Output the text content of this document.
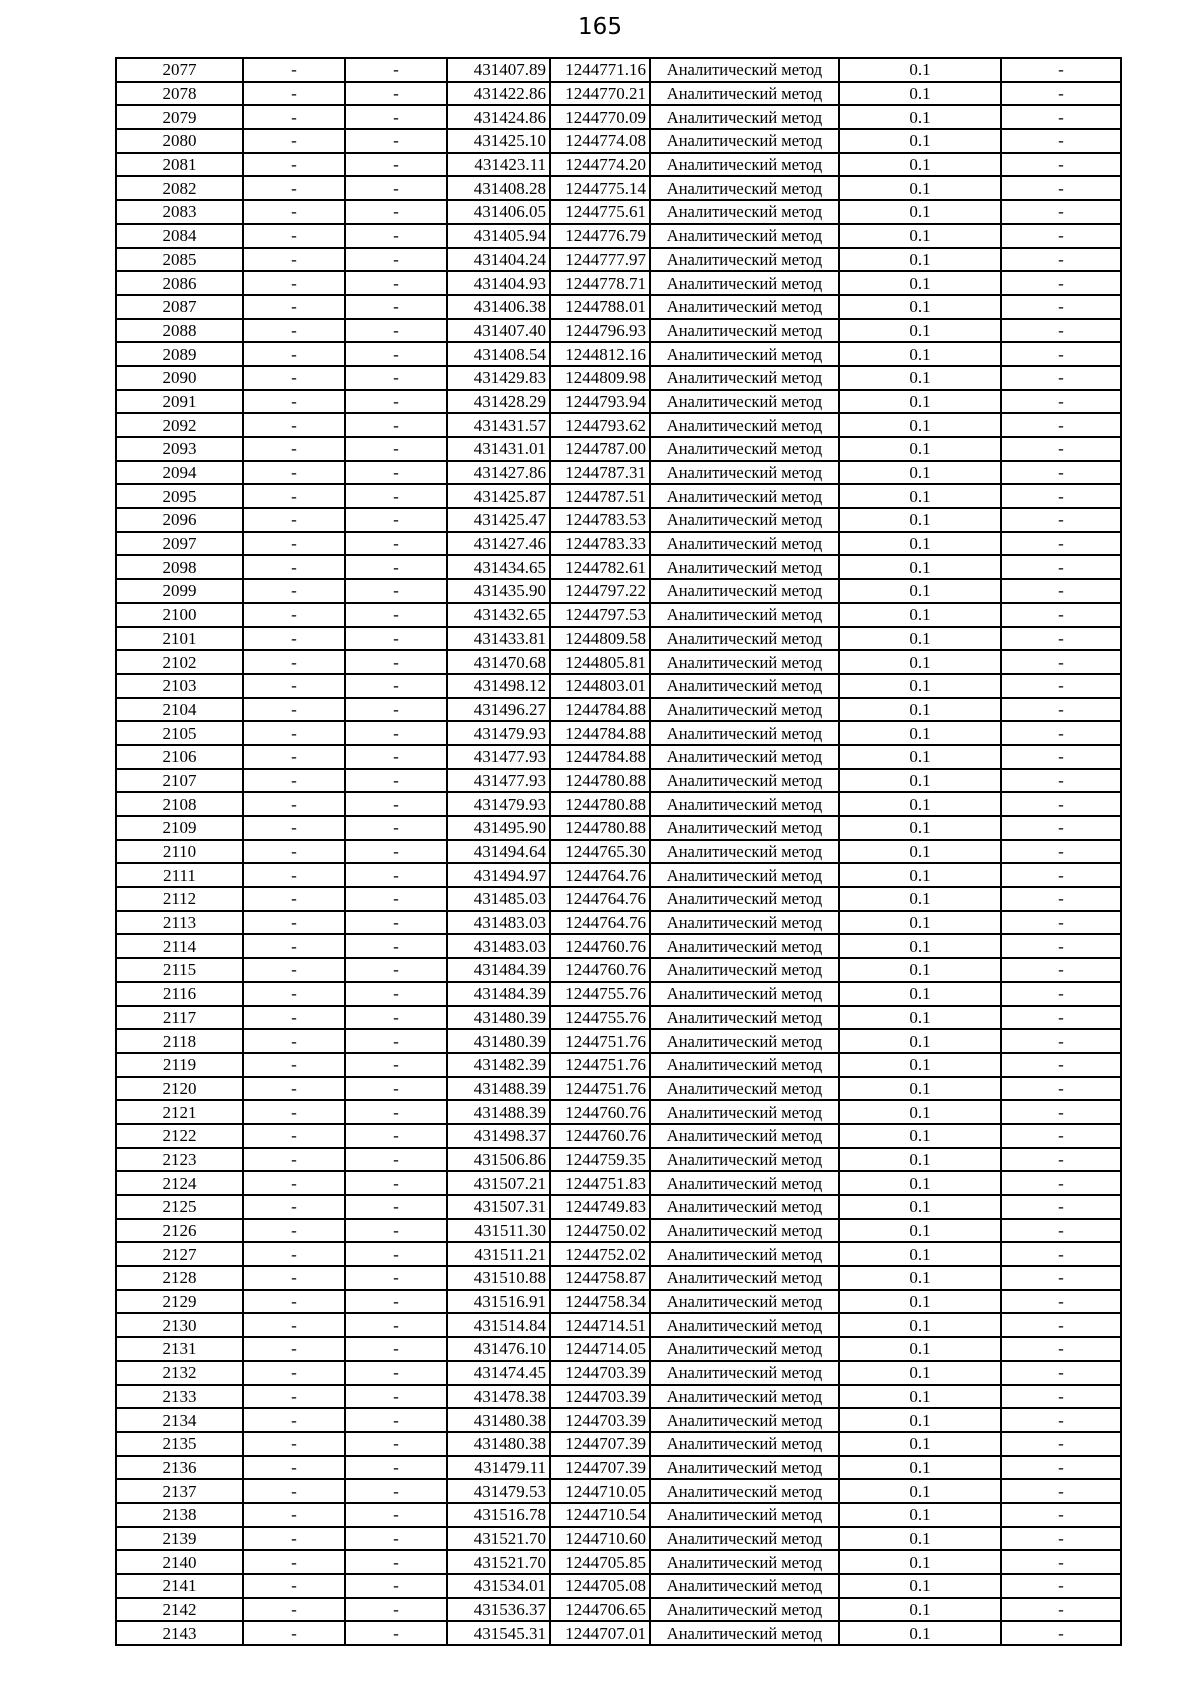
165
2077	-	-	431407.89	1244771.16	Аналитический метод	0.1	-
2078	-	-	431422.86	1244770.21	Аналитический метод	0.1	-
2079	-	-	431424.86	1244770.09	Аналитический метод	0.1	-
2080	-	-	431425.10	1244774.08	Аналитический метод	0.1	-
2081	-	-	431423.11	1244774.20	Аналитический метод	0.1	-
2082	-	-	431408.28	1244775.14	Аналитический метод	0.1	-
2083	-	-	431406.05	1244775.61	Аналитический метод	0.1	-
2084	-	-	431405.94	1244776.79	Аналитический метод	0.1	-
2085	-	-	431404.24	1244777.97	Аналитический метод	0.1	-
2086	-	-	431404.93	1244778.71	Аналитический метод	0.1	-
2087	-	-	431406.38	1244788.01	Аналитический метод	0.1	-
2088	-	-	431407.40	1244796.93	Аналитический метод	0.1	-
2089	-	-	431408.54	1244812.16	Аналитический метод	0.1	-
2090	-	-	431429.83	1244809.98	Аналитический метод	0.1	-
2091	-	-	431428.29	1244793.94	Аналитический метод	0.1	-
2092	-	-	431431.57	1244793.62	Аналитический метод	0.1	-
2093	-	-	431431.01	1244787.00	Аналитический метод	0.1	-
2094	-	-	431427.86	1244787.31	Аналитический метод	0.1	-
2095	-	-	431425.87	1244787.51	Аналитический метод	0.1	-
2096	-	-	431425.47	1244783.53	Аналитический метод	0.1	-
2097	-	-	431427.46	1244783.33	Аналитический метод	0.1	-
2098	-	-	431434.65	1244782.61	Аналитический метод	0.1	-
2099	-	-	431435.90	1244797.22	Аналитический метод	0.1	-
2100	-	-	431432.65	1244797.53	Аналитический метод	0.1	-
2101	-	-	431433.81	1244809.58	Аналитический метод	0.1	-
2102	-	-	431470.68	1244805.81	Аналитический метод	0.1	-
2103	-	-	431498.12	1244803.01	Аналитический метод	0.1	-
2104	-	-	431496.27	1244784.88	Аналитический метод	0.1	-
2105	-	-	431479.93	1244784.88	Аналитический метод	0.1	-
2106	-	-	431477.93	1244784.88	Аналитический метод	0.1	-
2107	-	-	431477.93	1244780.88	Аналитический метод	0.1	-
2108	-	-	431479.93	1244780.88	Аналитический метод	0.1	-
2109	-	-	431495.90	1244780.88	Аналитический метод	0.1	-
2110	-	-	431494.64	1244765.30	Аналитический метод	0.1	-
2111	-	-	431494.97	1244764.76	Аналитический метод	0.1	-
2112	-	-	431485.03	1244764.76	Аналитический метод	0.1	-
2113	-	-	431483.03	1244764.76	Аналитический метод	0.1	-
2114	-	-	431483.03	1244760.76	Аналитический метод	0.1	-
2115	-	-	431484.39	1244760.76	Аналитический метод	0.1	-
2116	-	-	431484.39	1244755.76	Аналитический метод	0.1	-
2117	-	-	431480.39	1244755.76	Аналитический метод	0.1	-
2118	-	-	431480.39	1244751.76	Аналитический метод	0.1	-
2119	-	-	431482.39	1244751.76	Аналитический метод	0.1	-
2120	-	-	431488.39	1244751.76	Аналитический метод	0.1	-
2121	-	-	431488.39	1244760.76	Аналитический метод	0.1	-
2122	-	-	431498.37	1244760.76	Аналитический метод	0.1	-
2123	-	-	431506.86	1244759.35	Аналитический метод	0.1	-
2124	-	-	431507.21	1244751.83	Аналитический метод	0.1	-
2125	-	-	431507.31	1244749.83	Аналитический метод	0.1	-
2126	-	-	431511.30	1244750.02	Аналитический метод	0.1	-
2127	-	-	431511.21	1244752.02	Аналитический метод	0.1	-
2128	-	-	431510.88	1244758.87	Аналитический метод	0.1	-
2129	-	-	431516.91	1244758.34	Аналитический метод	0.1	-
2130	-	-	431514.84	1244714.51	Аналитический метод	0.1	-
2131	-	-	431476.10	1244714.05	Аналитический метод	0.1	-
2132	-	-	431474.45	1244703.39	Аналитический метод	0.1	-
2133	-	-	431478.38	1244703.39	Аналитический метод	0.1	-
2134	-	-	431480.38	1244703.39	Аналитический метод	0.1	-
2135	-	-	431480.38	1244707.39	Аналитический метод	0.1	-
2136	-	-	431479.11	1244707.39	Аналитический метод	0.1	-
2137	-	-	431479.53	1244710.05	Аналитический метод	0.1	-
2138	-	-	431516.78	1244710.54	Аналитический метод	0.1	-
2139	-	-	431521.70	1244710.60	Аналитический метод	0.1	-
2140	-	-	431521.70	1244705.85	Аналитический метод	0.1	-
2141	-	-	431534.01	1244705.08	Аналитический метод	0.1	-
2142	-	-	431536.37	1244706.65	Аналитический метод	0.1	-
2143	-	-	431545.31	1244707.01	Аналитический метод	0.1	-
